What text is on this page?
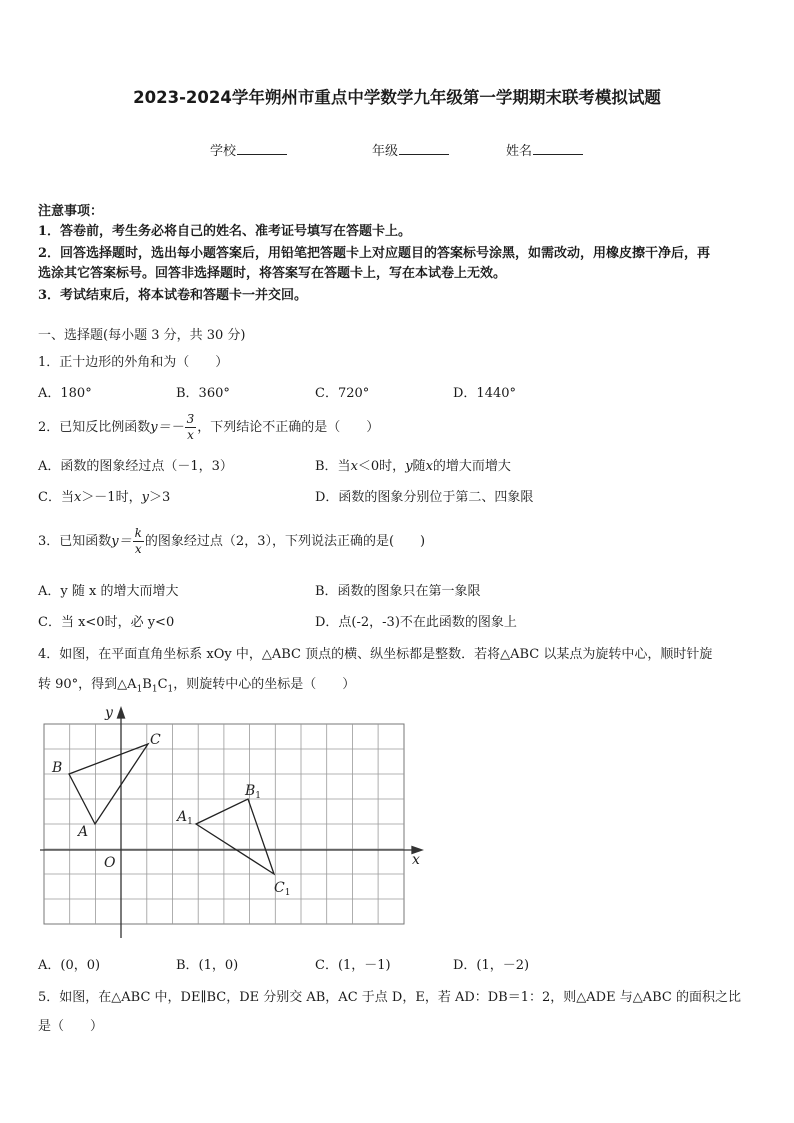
2023-2024学年朔州市重点中学数学九年级第一学期期末联考模拟试题
学校	年级	姓名
注意事项：
1．答卷前，考生务必将自己的姓名、准考证号填写在答题卡上。
2．回答选择题时，选出每小题答案后，用铅笔把答题卡上对应题目的答案标号涂黑，如需改动，用橡皮擦干净后，再
选涂其它答案标号。回答非选择题时，将答案写在答题卡上，写在本试卷上无效。
3．考试结束后，将本试卷和答题卡一并交回。
一、选择题(每小题 3 分，共 30 分)
1．正十边形的外角和为（　　）
A．180°	B．360°	C．720°	D．1440°
2．已知反比例函数$y=- \frac{3}{x}$ ，下列结论不正确的是（　　）
A．函数的图象经过点（－1，3）	B．当x＜0时，y随x的增大而增大
C．当x＞－1时，y＞3	D．函数的图象分别位于第二、四象限
3．已知函数$y= \frac{k}{x}$ 的图象经过点（2，3），下列说法正确的是(　　)
A．y 随 x 的增大而增大	B．函数的图象只在第一象限
C．当 x<0时，必 y<0	D．点(-2，-3)不在此函数的图象上
4．如图，在平面直角坐标系 xOy 中，△ABC 顶点的横、纵坐标都是整数．若将△ABC 以某点为旋转中心，顺时针旋
转 90°，得到$\triangle A_1B_1C_1$，则旋转中心的坐标是（　　）
y
x
O
A
B
C
$A_1$
$B_1$
$C_1$
A．(0，0)	B．(1，0)	C．(1，－1)	D．(1，－2)
5．如图，在△ABC 中，DE∥BC，DE 分别交 AB，AC 于点 D，E，若 AD：DB＝1：2，则△ADE 与△ABC 的面积之比
是（　　）
